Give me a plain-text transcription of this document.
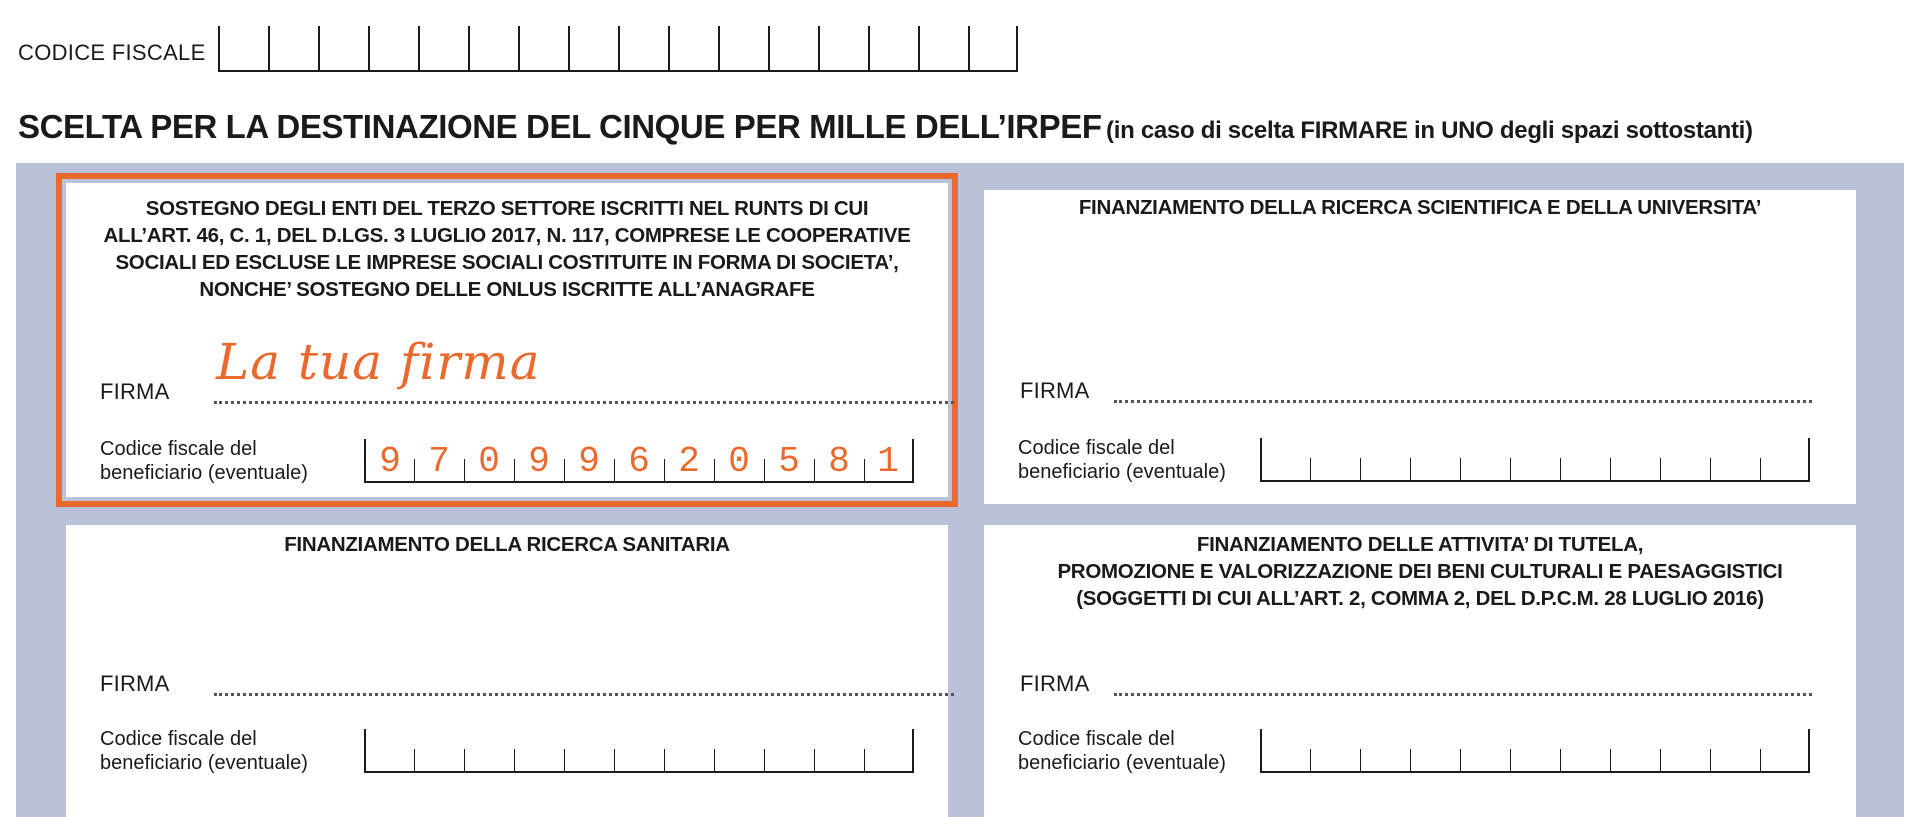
CODICE FISCALE
SCELTA PER LA DESTINAZIONE DEL CINQUE PER MILLE DELL’IRPEF (in caso di scelta FIRMARE in UNO degli spazi sottostanti)
SOSTEGNO DEGLI ENTI DEL TERZO SETTORE ISCRITTI NEL RUNTS DI CUI
ALL’ART. 46, C. 1, DEL D.LGS. 3 LUGLIO 2017, N. 117, COMPRESE LE COOPERATIVE
SOCIALI ED ESCLUSE LE IMPRESE SOCIALI COSTITUITE IN FORMA DI SOCIETA’,
NONCHE’ SOSTEGNO DELLE ONLUS ISCRITTE ALL’ANAGRAFE
FIRMA
La tua firma
Codice fiscale del
beneficiario (eventuale)	9 7 0 9 9 6 2 0 5 8 1
FINANZIAMENTO DELLA RICERCA SCIENTIFICA E DELLA UNIVERSITA’
FIRMA
Codice fiscale del
beneficiario (eventuale)
FINANZIAMENTO DELLA RICERCA SANITARIA
FIRMA
Codice fiscale del
beneficiario (eventuale)
FINANZIAMENTO DELLE ATTIVITA’ DI TUTELA,
PROMOZIONE E VALORIZZAZIONE DEI BENI CULTURALI E PAESAGGISTICI
(SOGGETTI DI CUI ALL’ART. 2, COMMA 2, DEL D.P.C.M. 28 LUGLIO 2016)
FIRMA
Codice fiscale del
beneficiario (eventuale)
